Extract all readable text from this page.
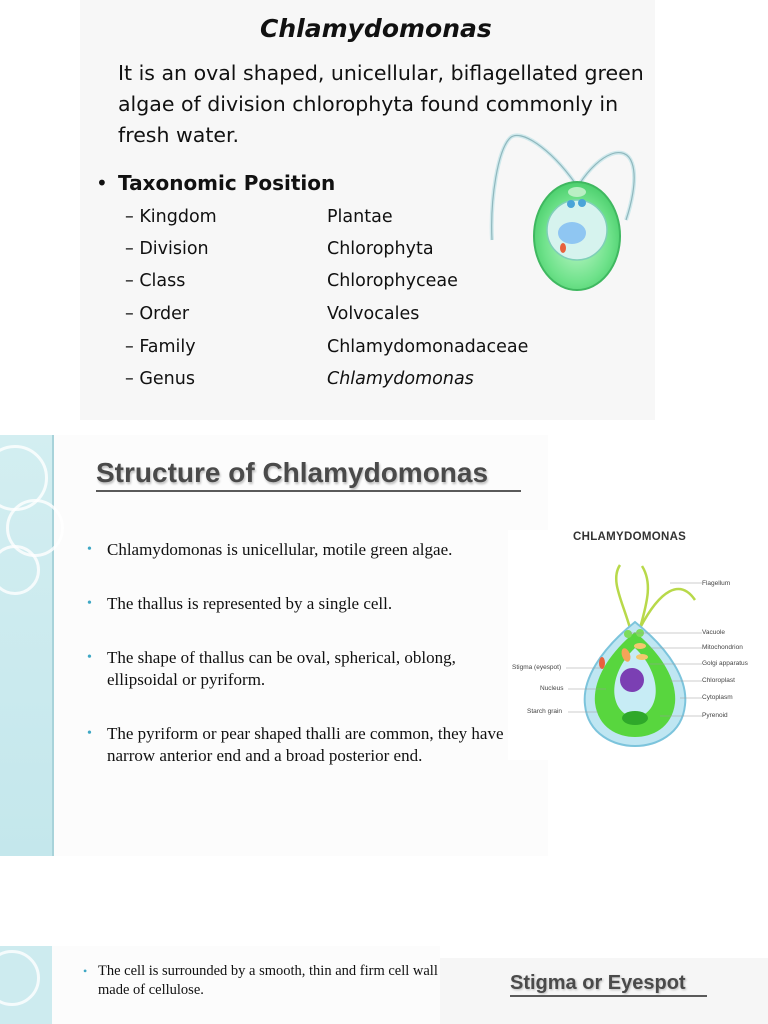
Chlamydomonas
It is an oval shaped, unicellular, biflagellated green algae of division chlorophyta found commonly in fresh water.
• Taxonomic Position
– Kingdom	Plantae
– Division	Chlorophyta
– Class	Chlorophyceae
– Order	Volvocales
– Family	Chlamydomonadaceae
– Genus	Chlamydomonas
Structure of Chlamydomonas
• Chlamydomonas is unicellular, motile green algae.
• The thallus is represented by a single cell.
• The shape of thallus can be oval, spherical, oblong, ellipsoidal or pyriform.
• The pyriform or pear shaped thalli are common, they have narrow anterior end and a broad posterior end.
CHLAMYDOMONAS
Flagellum
Vacuole
Mitochondrion
Golgi apparatus
Chloroplast
Cytoplasm
Pyrenoid
Stigma (eyespot)
Nucleus
Starch grain
• The cell is surrounded by a smooth, thin and firm cell wall made of cellulose.	Stigma or Eyespot
